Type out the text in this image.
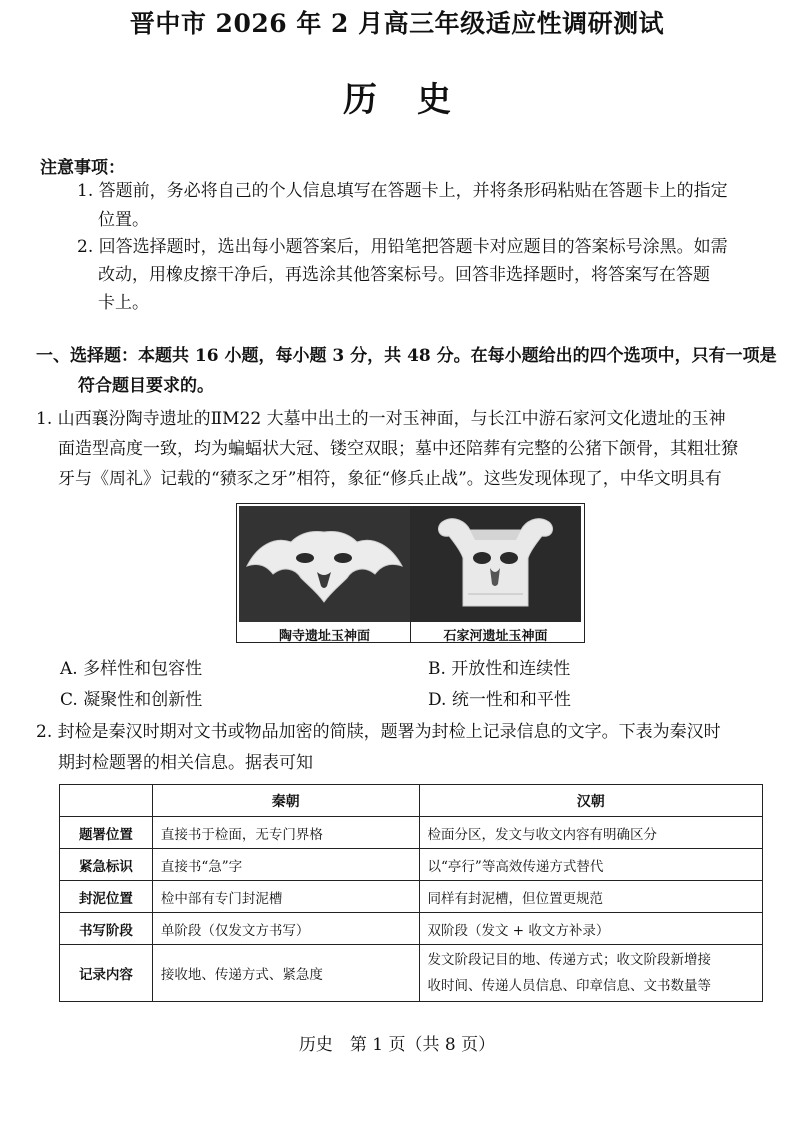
晋中市 2026 年 2 月高三年级适应性调研测试
历史
注意事项：
1. 答题前，务必将自己的个人信息填写在答题卡上，并将条形码粘贴在答题卡上的指定
位置。
2. 回答选择题时，选出每小题答案后，用铅笔把答题卡对应题目的答案标号涂黑。如需
改动，用橡皮擦干净后，再选涂其他答案标号。回答非选择题时，将答案写在答题
卡上。
一、选择题：本题共 16 小题，每小题 3 分，共 48 分。在每小题给出的四个选项中，只有一项是
符合题目要求的。
1. 山西襄汾陶寺遗址的ⅡM22 大墓中出土的一对玉神面，与长江中游石家河文化遗址的玉神
面造型高度一致，均为蝙蝠状大冠、镂空双眼；墓中还陪葬有完整的公猪下颌骨，其粗壮獠
牙与《周礼》记载的“豮豕之牙”相符，象征“修兵止战”。这些发现体现了，中华文明具有
陶寺遗址玉神面	石家河遗址玉神面
A. 多样性和包容性	B. 开放性和连续性
C. 凝聚性和创新性	D. 统一性和和平性
2. 封检是秦汉时期对文书或物品加密的简牍，题署为封检上记录信息的文字。下表为秦汉时
期封检题署的相关信息。据表可知
	秦朝	汉朝
题署位置	直接书于检面，无专门界格	检面分区，发文与收文内容有明确区分
紧急标识	直接书“急”字	以“亭行”等高效传递方式替代
封泥位置	检中部有专门封泥槽	同样有封泥槽，但位置更规范
书写阶段	单阶段（仅发文方书写）	双阶段（发文 + 收文方补录）
记录内容	接收地、传递方式、紧急度	发文阶段记目的地、传递方式；收文阶段新增接
收时间、传递人员信息、印章信息、文书数量等
历史　第 1 页（共 8 页）
